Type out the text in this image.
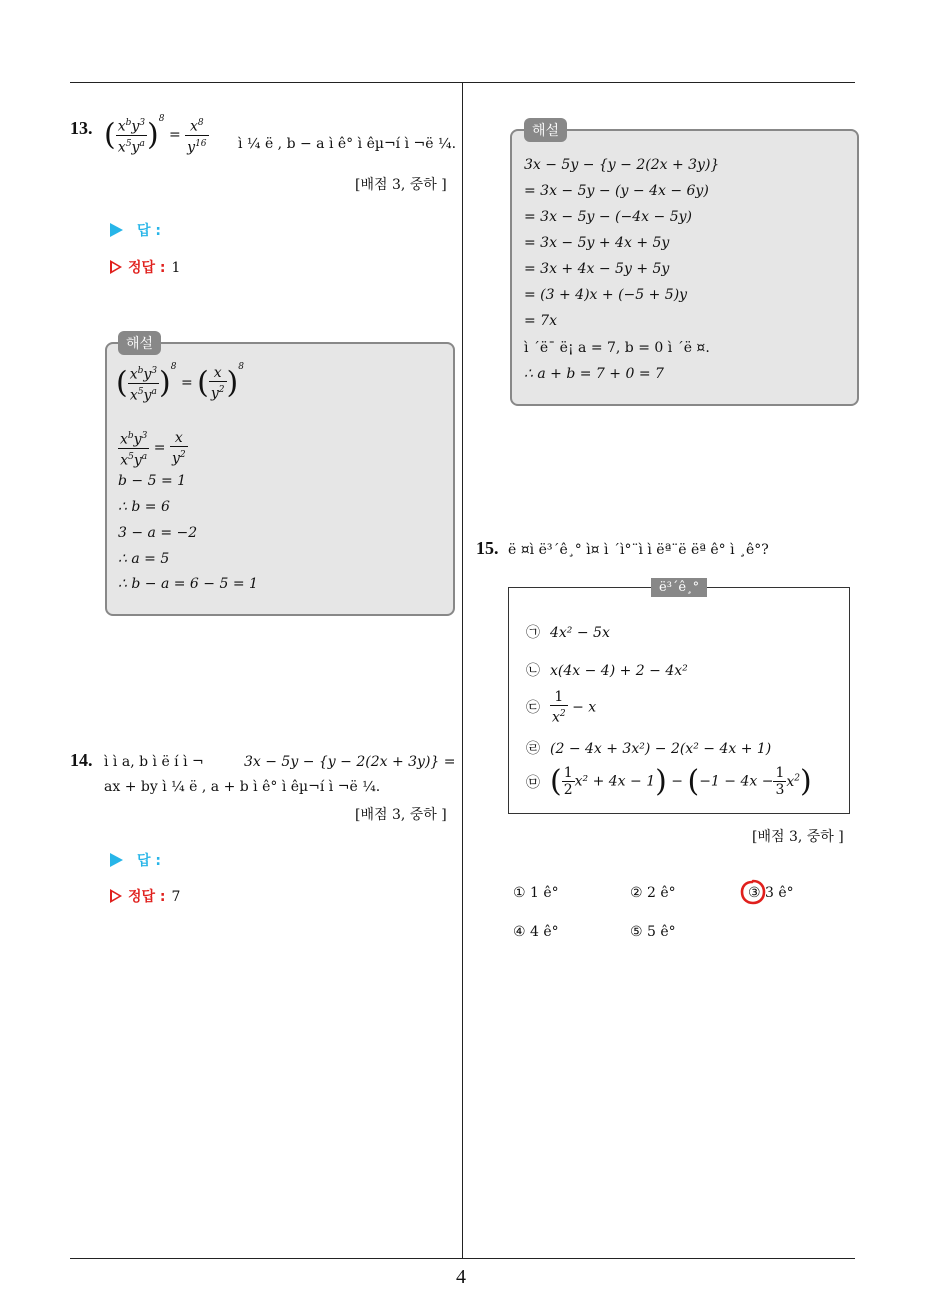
13. ( $\frac{x^by^3}{x^5y^a} )^8 = \frac{x^8}{y^{16}}$ ì ¼ ë , b − a ì ê° ì êµ¬í ì ¬ë ¼.
[배점 3, 중하 ]
답 :
정답 : 1
해설
( $\frac{x^by^3}{x^5y^a} )^8$ = ( $\frac{x}{y^2} )^8$
$\frac{x^by^3}{x^5y^a} = \frac{x}{y^2}$
b − 5 = 1
∴ b = 6
3 − a = −2
∴ a = 5
∴ b − a = 6 − 5 = 1
14. ì ì a, b ì ë í ì ¬	3x − 5y − {y − 2(2x + 3y)} =
ax + by ì ¼ ë , a + b ì ê° ì êµ¬í ì ¬ë ¼.
[배점 3, 중하 ]
답 :
정답 : 7
해설
3x − 5y − {y − 2(2x + 3y)}
= 3x − 5y − (y − 4x − 6y)
= 3x − 5y − (−4x − 5y)
= 3x − 5y + 4x + 5y
= 3x + 4x − 5y + 5y
= (3 + 4)x + (−5 + 5)y
= 7x
ì ´ë¯ ë¡ a = 7, b = 0 ì ´ë ¤.
∴ a + b = 7 + 0 = 7
15. ë ¤ì ë³´ê¸° ì¤ ì ´ì°¨ì ì ëª¨ë ëª ê° ì ¸ê°?
ë³´ê¸°
㉠ 4x² − 5x
㉡ x(4x − 4) + 2 − 4x²
㉢ $\frac{1}{x^2} - x$
㉣ (2 − 4x + 3x²) − 2(x² − 4x + 1)
㉤ ( $\frac{1}{2} x^2 + 4x - 1) - (-1 - 4x - \frac{1}{3} x^2)$
[배점 3, 중하 ]
① 1 ê°	② 2 ê°	③ 3 ê°
④ 4 ê°	⑤ 5 ê°
4
